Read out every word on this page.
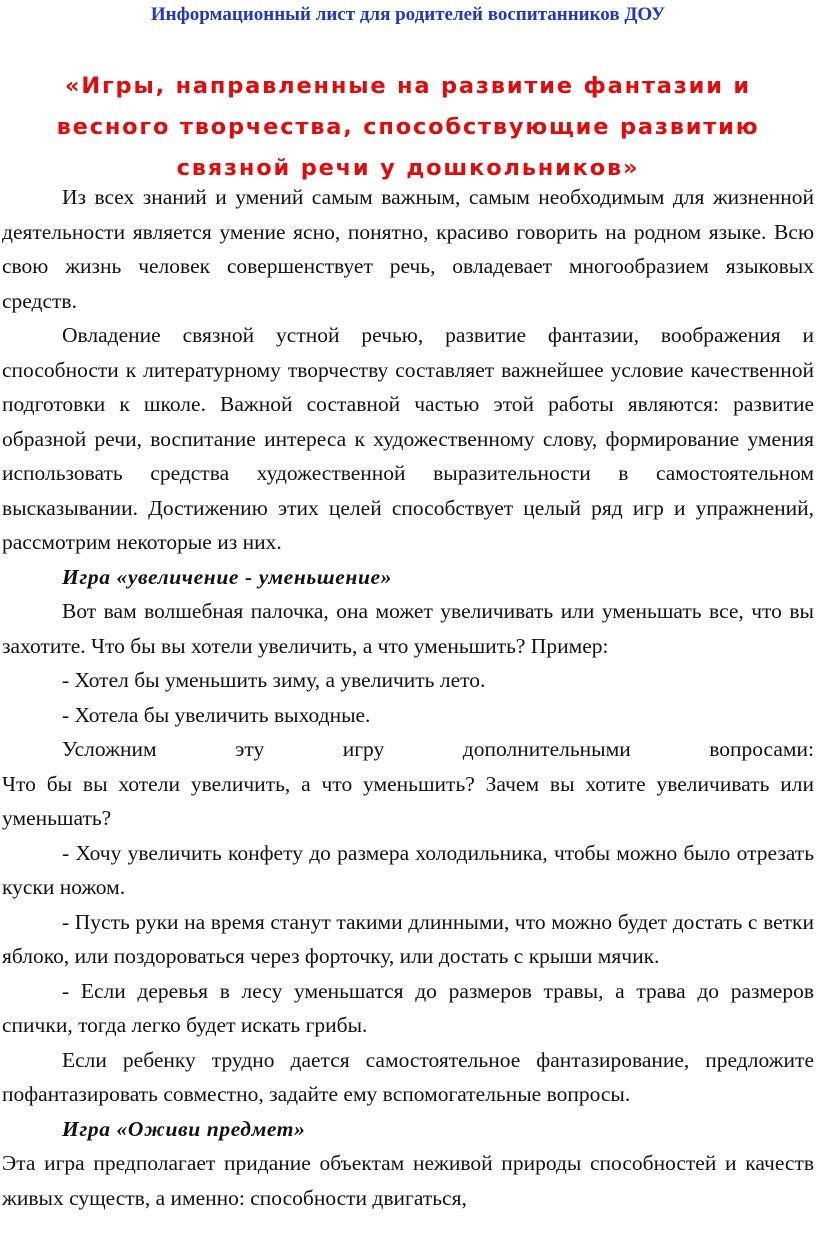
Информационный лист для родителей воспитанников ДОУ
«Игры, направленные на развитие фантазии и
весного творчества, способствующие развитию
связной речи у дошкольников»

Из всех знаний и умений самым важным, самым необходимым для жизненной деятельности является умение ясно, понятно, красиво говорить на родном языке. Всю свою жизнь человек совершенствует речь, овладевает многообразием языковых средств.

Овладение связной устной речью, развитие фантазии, воображения и способности к литературному творчеству составляет важнейшее условие качественной подготовки к школе. Важной составной частью этой работы являются: развитие образной речи, воспитание интереса к художественному слову, формирование умения использовать средства художественной выразительности в самостоятельном высказывании. Достижению этих целей способствует целый ряд игр и упражнений, рассмотрим некоторые из них.

Игра «увеличение - уменьшение»

Вот вам волшебная палочка, она может увеличивать или уменьшать все, что вы захотите. Что бы вы хотели увеличить, а что уменьшить? Пример:

- Хотел бы уменьшить зиму, а увеличить лето.

- Хотела бы увеличить выходные.

Усложним эту игру дополнительными вопросами:

Что бы вы хотели увеличить, а что уменьшить? Зачем вы хотите увеличивать или уменьшать?

- Хочу увеличить конфету до размера холодильника, чтобы можно было отрезать куски ножом.

- Пусть руки на время станут такими длинными, что можно будет достать с ветки яблоко, или поздороваться через форточку, или достать с крыши мячик.

- Если деревья в лесу уменьшатся до размеров травы, а трава до размеров спички, тогда легко будет искать грибы.

Если ребенку трудно дается самостоятельное фантазирование, предложите пофантазировать совместно, задайте ему вспомогательные вопросы.

Игра «Оживи предмет»

Эта игра предполагает придание объектам неживой природы способностей и качеств живых существ, а именно: способности двигаться,
